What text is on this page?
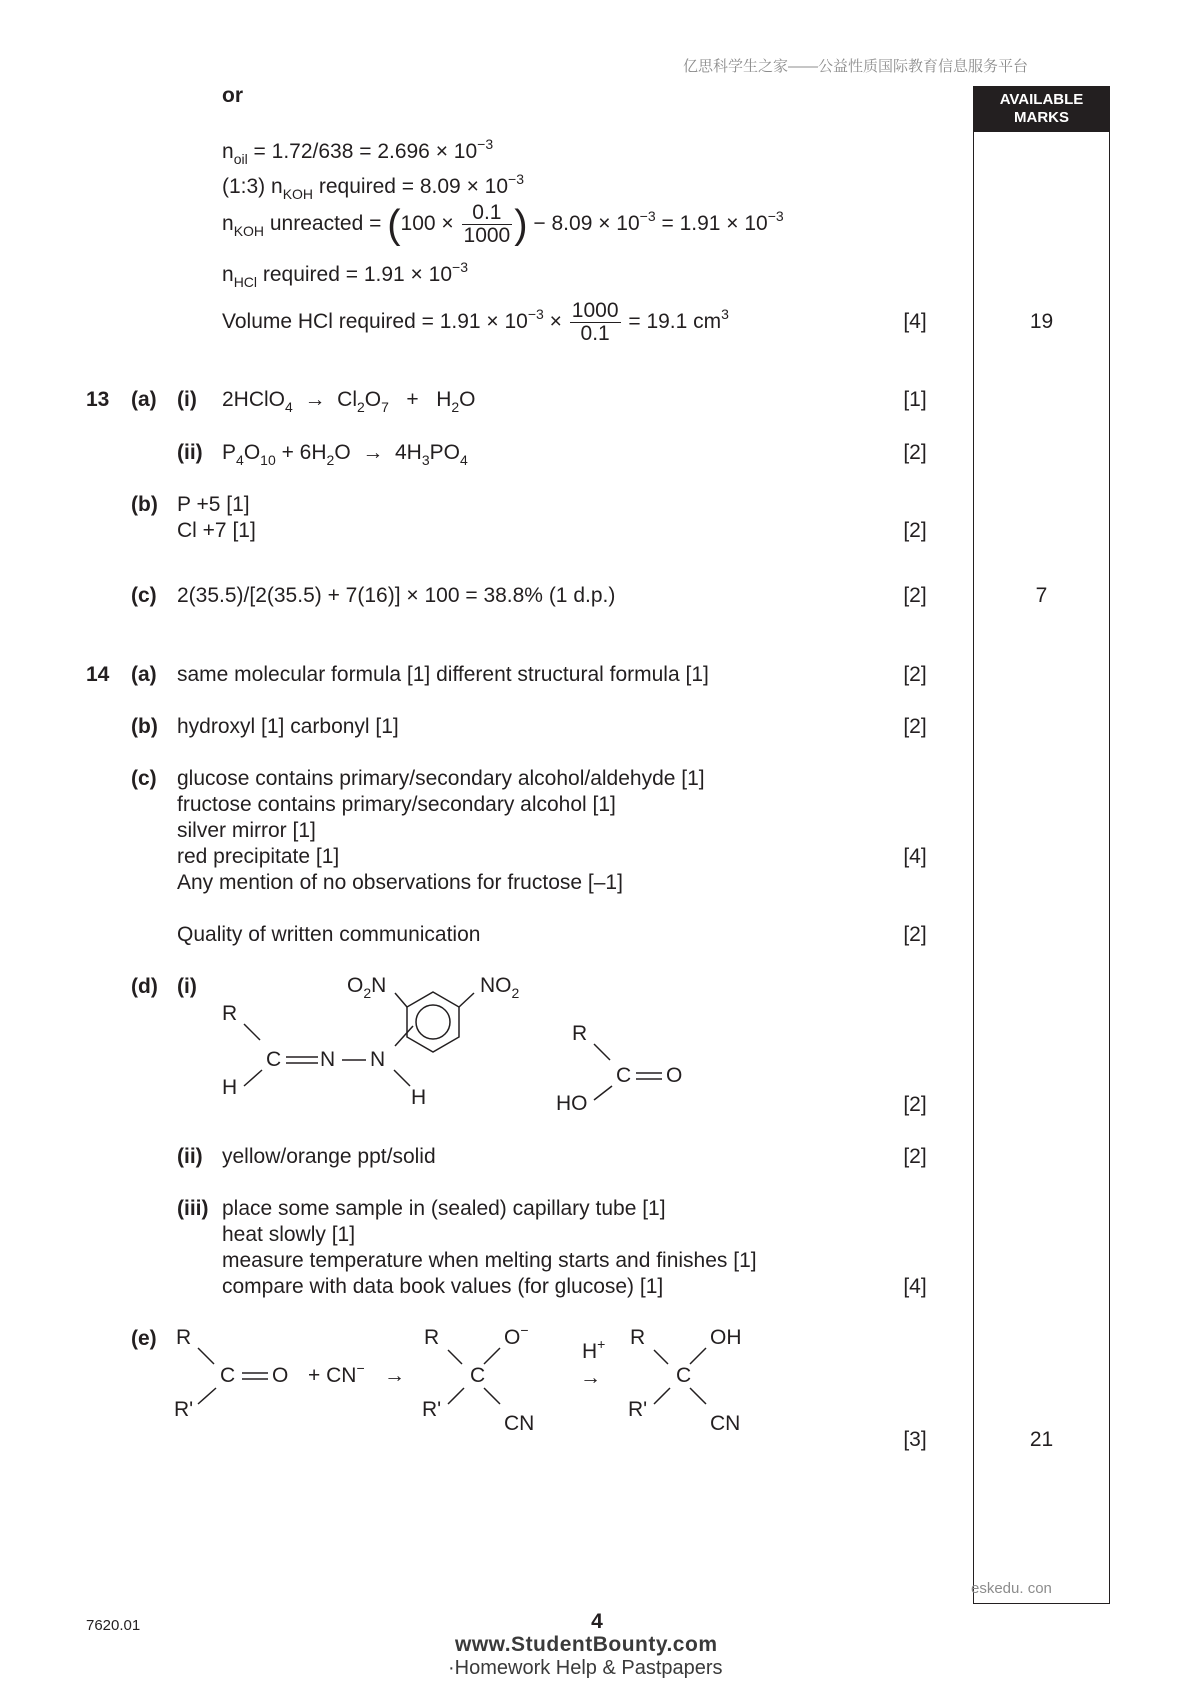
亿思科学生之家——公益性质国际教育信息服务平台
AVAILABLE
MARKS
or
$n_{oil} = 1.72/638 = 2.696 \times 10^{-3}$
(1:3) $n_{KOH}$ required = $8.09 \times 10^{-3}$
$n_{KOH}$ unreacted = ($100 \times \frac{0.1}{1000}$ ) − $8.09 \times 10^{-3} = 1.91 \times 10^{-3}$
$n_{HCl}$ required = $1.91 \times 10^{-3}$
Volume HCl required = $1.91 \times 10^{-3} \times \frac{1000}{0.1} = 19.1$ $cm^3$	[4]	19
13 (a) (i) 2HClO$_4$  →  $Cl_2O_7 + H_2O$	[1]
(ii) $P_4O_{10} + 6H_2O \to 4H_3PO_4$	[2]
(b) P +5 [1]
Cl +7 [1]	[2]
(c) 2(35.5)/[2(35.5) + 7(16)] × 100 = 38.8% (1 d.p.)	[2]	7
14 (a) same molecular formula [1] different structural formula [1]	[2]
(b) hydroxyl [1] carbonyl [1]	[2]
(c) glucose contains primary/secondary alcohol/aldehyde [1]
fructose contains primary/secondary alcohol [1]
silver mirror [1]
red precipitate [1]
Any mention of no observations for fructose [–1]
[4]
Quality of written communication	[2]
(d) (i)
R
C N N
H	H
$O_2N$	$NO_2$
R
C O
HO	[2]
(ii) yellow/orange ppt/solid	[2]
(iii) place some sample in (sealed) capillary tube [1]
heat slowly [1]
measure temperature when melting starts and finishes [1]
compare with data book values (for glucose) [1]	[4]
(e) R
C O
R'
+ CN− →
R
C
O−
R'
CN
H+
→
R
C
OH
R'
CN
[3]	21
eskedu. con
7620.01	4
www.StudentBounty.com
·Homework Help & Pastpapers
